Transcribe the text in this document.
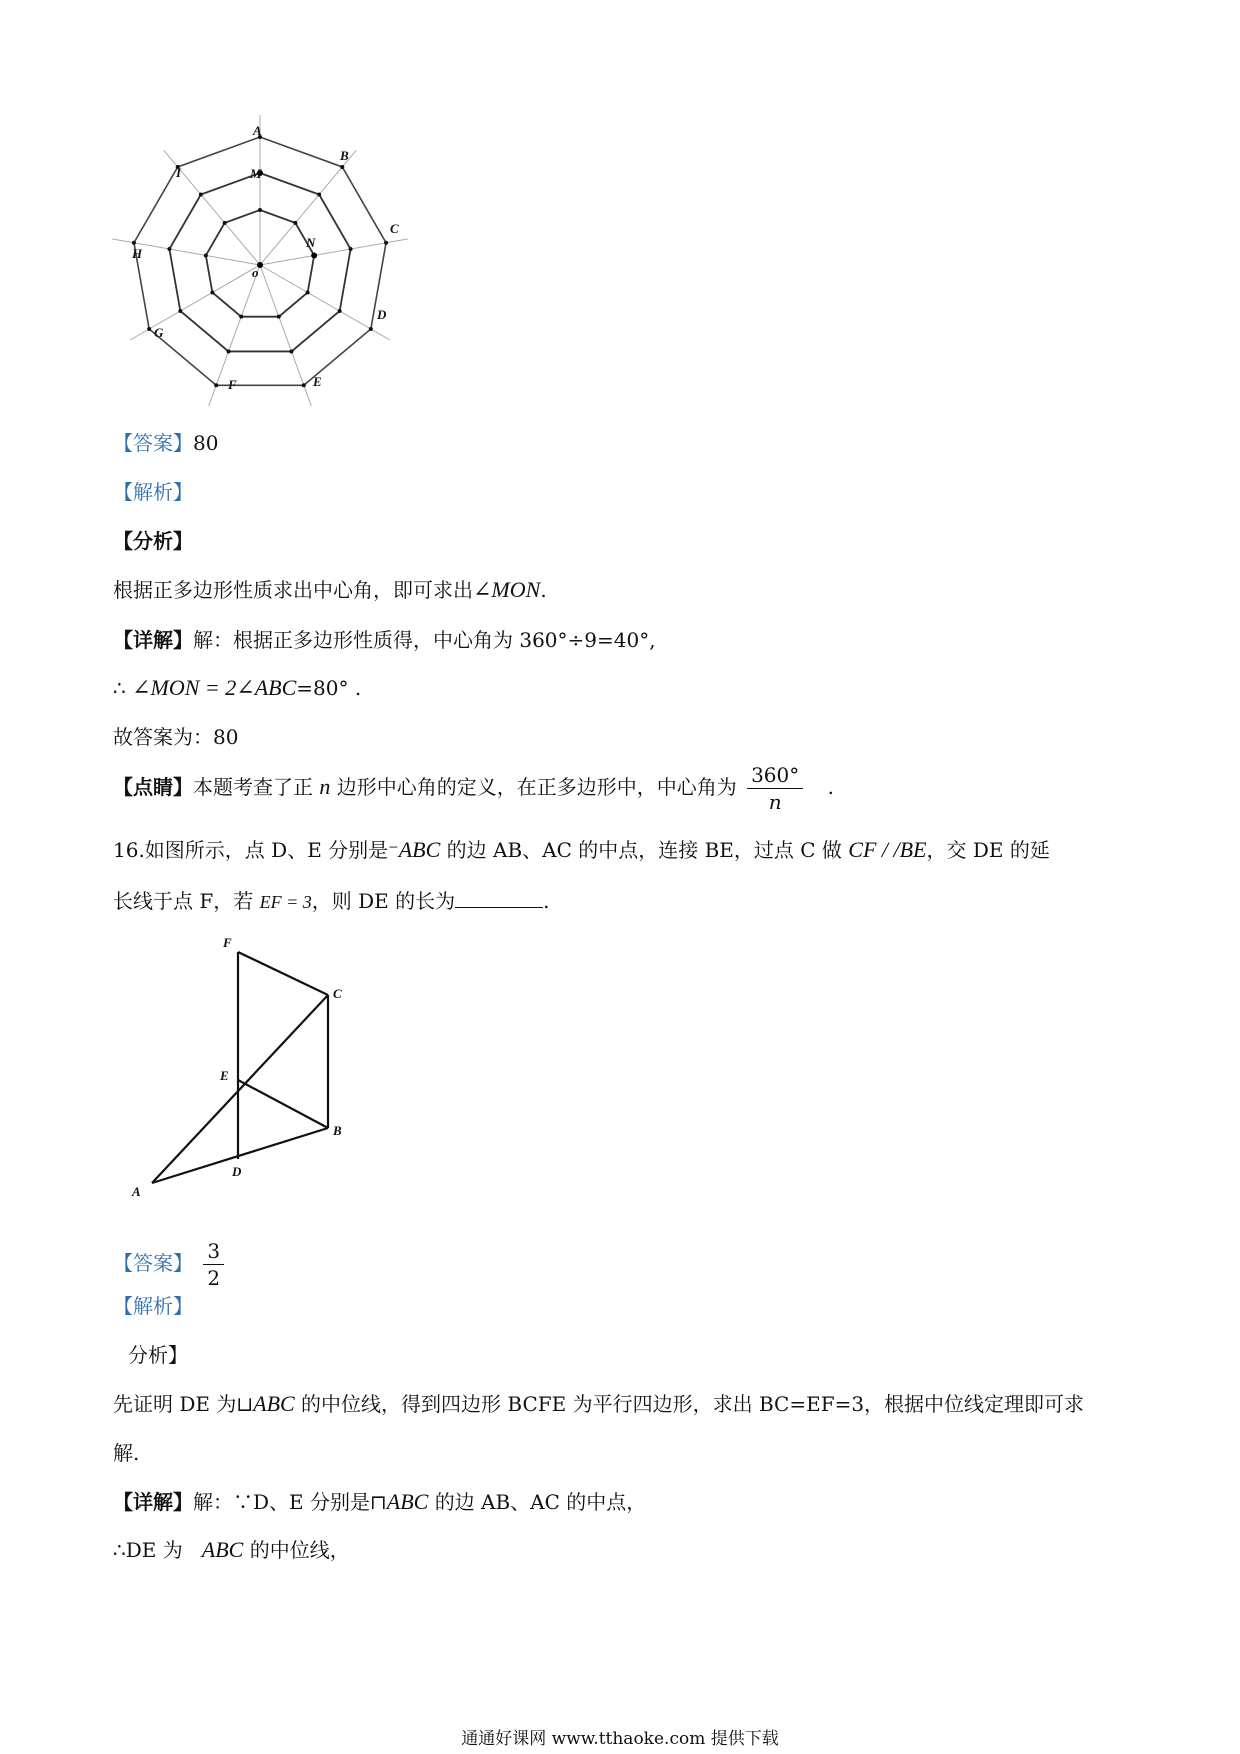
A
B
C
D
E
F
G
H
I	M
N
o
【答案】80
【解析】
【分析】
根据正多边形性质求出中心角，即可求出∠MON.
【详解】解：根据正多边形性质得，中心角为 360°÷9=40°,
∴ ∠MON = 2∠ABC=80° .
故答案为：80
【点睛】本题考查了正 n 边形中心角的定义，在正多边形中，中心角为 $\frac{360^\circ}{n}$ .
16.如图所示，点 D、E 分别是⁻ABC 的边 AB、AC 的中点，连接 BE，过点 C 做 CF / /BE，交 DE 的延
长线于点 F，若 EF = 3，则 DE 的长为	.
F
C
E
B
D
A
【答案】 $\frac{3}{2}$
【解析】
分析】
先证明 DE 为⊔ABC 的中位线，得到四边形 BCFE 为平行四边形，求出 BC=EF=3，根据中位线定理即可求
解.
【详解】解：∵D、E 分别是⊓ABC 的边 AB、AC 的中点，
∴DE 为 ABC 的中位线，
通通好课网 www.tthaoke.com 提供下载
